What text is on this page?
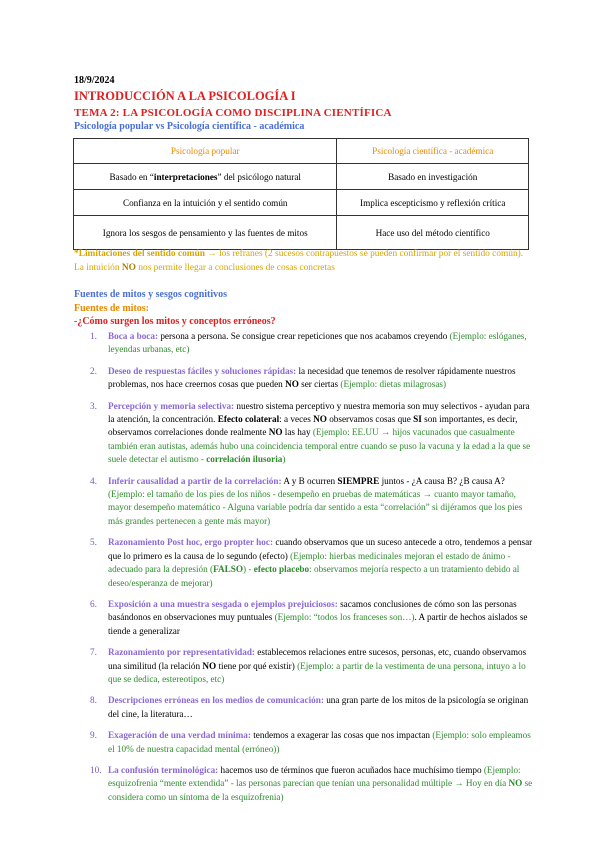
18/9/2024
INTRODUCCIÓN A LA PSICOLOGÍA I
TEMA 2: LA PSICOLOGÍA COMO DISCIPLINA CIENTÍFICA
Psicología popular vs Psicología científica - académica
Psicología popular	Psicología científica - académica
Basado en “interpretaciones” del psicólogo natural	Basado en investigación
Confianza en la intuición y el sentido común	Implica escepticismo y reflexión crítica
Ignora los sesgos de pensamiento y las fuentes de mitos	Hace uso del método científico
*Limitaciones del sentido común → los refranes (2 sucesos contrapuestos se pueden confirmar por el sentido común). La intuición NO nos permite llegar a conclusiones de cosas concretas
Fuentes de mitos y sesgos cognitivos
Fuentes de mitos:
-¿Cómo surgen los mitos y conceptos erróneos?
1. Boca a boca: persona a persona. Se consigue crear repeticiones que nos acabamos creyendo (Ejemplo: eslóganes, leyendas urbanas, etc)
2. Deseo de respuestas fáciles y soluciones rápidas: la necesidad que tenemos de resolver rápidamente nuestros problemas, nos hace creernos cosas que pueden NO ser ciertas (Ejemplo: dietas milagrosas)
3. Percepción y memoria selectiva: nuestro sistema perceptivo y nuestra memoria son muy selectivos - ayudan para la atención, la concentración. Efecto colateral: a veces NO observamos cosas que SI son importantes, es decir, observamos correlaciones donde realmente NO las hay (Ejemplo: EE.UU → hijos vacunados que casualmente también eran autistas, además hubo una coincidencia temporal entre cuando se puso la vacuna y la edad a la que se suele detectar el autismo - correlación ilusoria)
4. Inferir causalidad a partir de la correlación: A y B ocurren SIEMPRE juntos - ¿A causa B? ¿B causa A? (Ejemplo: el tamaño de los pies de los niños - desempeño en pruebas de matemáticas → cuanto mayor tamaño, mayor desempeño matemático - Alguna variable podría dar sentido a esta “correlación” si dijéramos que los pies más grandes pertenecen a gente más mayor)
5. Razonamiento Post hoc, ergo propter hoc: cuando observamos que un suceso antecede a otro, tendemos a pensar que lo primero es la causa de lo segundo (efecto) (Ejemplo: hierbas medicinales mejoran el estado de ánimo - adecuado para la depresión (FALSO) - efecto placebo: observamos mejoría respecto a un tratamiento debido al deseo/esperanza de mejorar)
6. Exposición a una muestra sesgada o ejemplos prejuiciosos: sacamos conclusiones de cómo son las personas basándonos en observaciones muy puntuales (Ejemplo: “todos los franceses son…). A partir de hechos aislados se tiende a generalizar
7. Razonamiento por representatividad: establecemos relaciones entre sucesos, personas, etc, cuando observamos una similitud (la relación NO tiene por qué existir) (Ejemplo: a partir de la vestimenta de una persona, intuyo a lo que se dedica, estereotipos, etc)
8. Descripciones erróneas en los medios de comunicación: una gran parte de los mitos de la psicología se originan del cine, la literatura…
9. Exageración de una verdad mínima: tendemos a exagerar las cosas que nos impactan (Ejemplo: solo empleamos el 10% de nuestra capacidad mental (erróneo))
10. La confusión terminológica: hacemos uso de términos que fueron acuñados hace muchísimo tiempo (Ejemplo: esquizofrenia “mente extendida” - las personas parecían que tenían una personalidad múltiple → Hoy en día NO se considera como un síntoma de la esquizofrenia)
